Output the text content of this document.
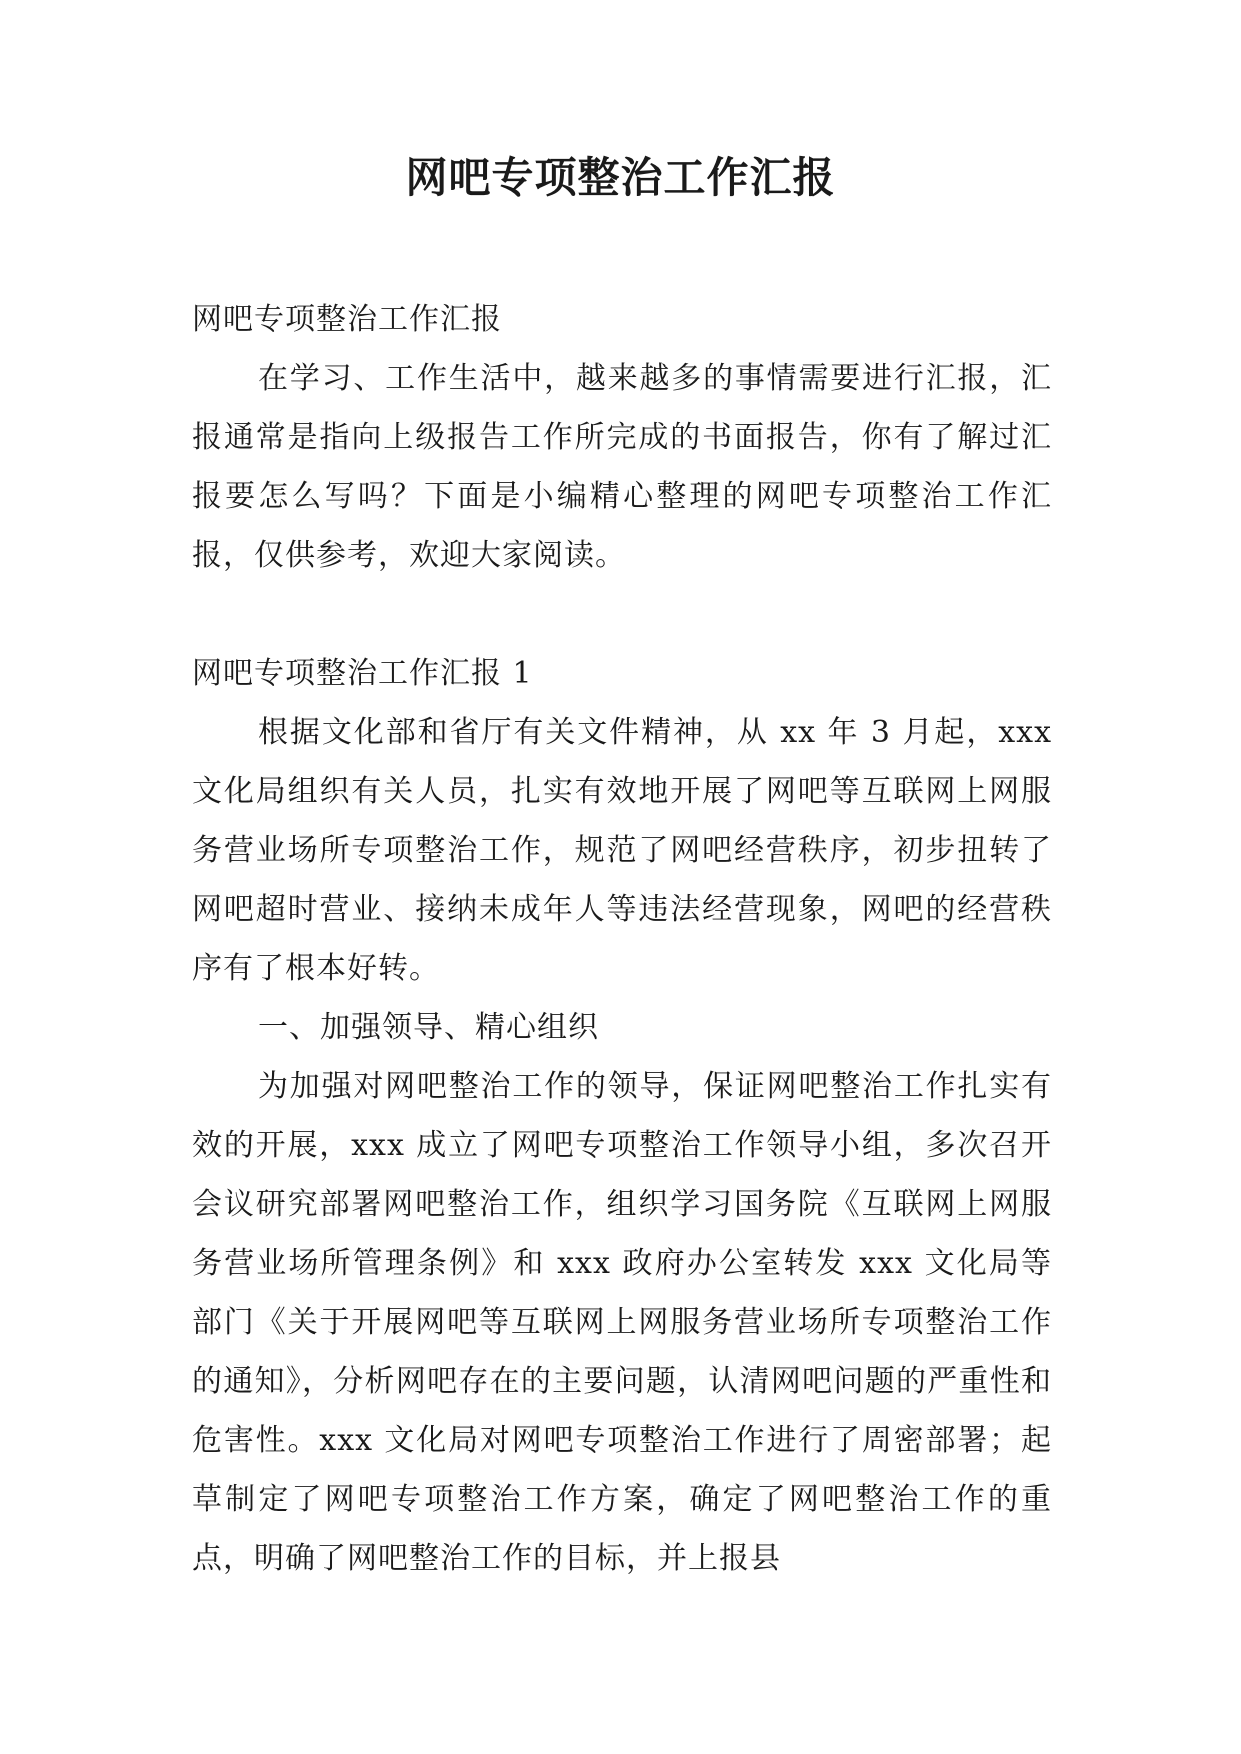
网吧专项整治工作汇报

网吧专项整治工作汇报

在学习、工作生活中，越来越多的事情需要进行汇报，汇报通常是指向上级报告工作所完成的书面报告，你有了解过汇报要怎么写吗？下面是小编精心整理的网吧专项整治工作汇报，仅供参考，欢迎大家阅读。

网吧专项整治工作汇报 1

根据文化部和省厅有关文件精神，从 xx 年 3 月起，xxx 文化局组织有关人员，扎实有效地开展了网吧等互联网上网服务营业场所专项整治工作，规范了网吧经营秩序，初步扭转了网吧超时营业、接纳未成年人等违法经营现象，网吧的经营秩序有了根本好转。

一、加强领导、精心组织

为加强对网吧整治工作的领导，保证网吧整治工作扎实有效的开展，xxx 成立了网吧专项整治工作领导小组，多次召开会议研究部署网吧整治工作，组织学习国务院《互联网上网服务营业场所管理条例》和 xxx 政府办公室转发 xxx 文化局等部门《关于开展网吧等互联网上网服务营业场所专项整治工作的通知》，分析网吧存在的主要问题，认清网吧问题的严重性和危害性。xxx 文化局对网吧专项整治工作进行了周密部署；起草制定了网吧专项整治工作方案，确定了网吧整治工作的重点，明确了网吧整治工作的目标，并上报县
